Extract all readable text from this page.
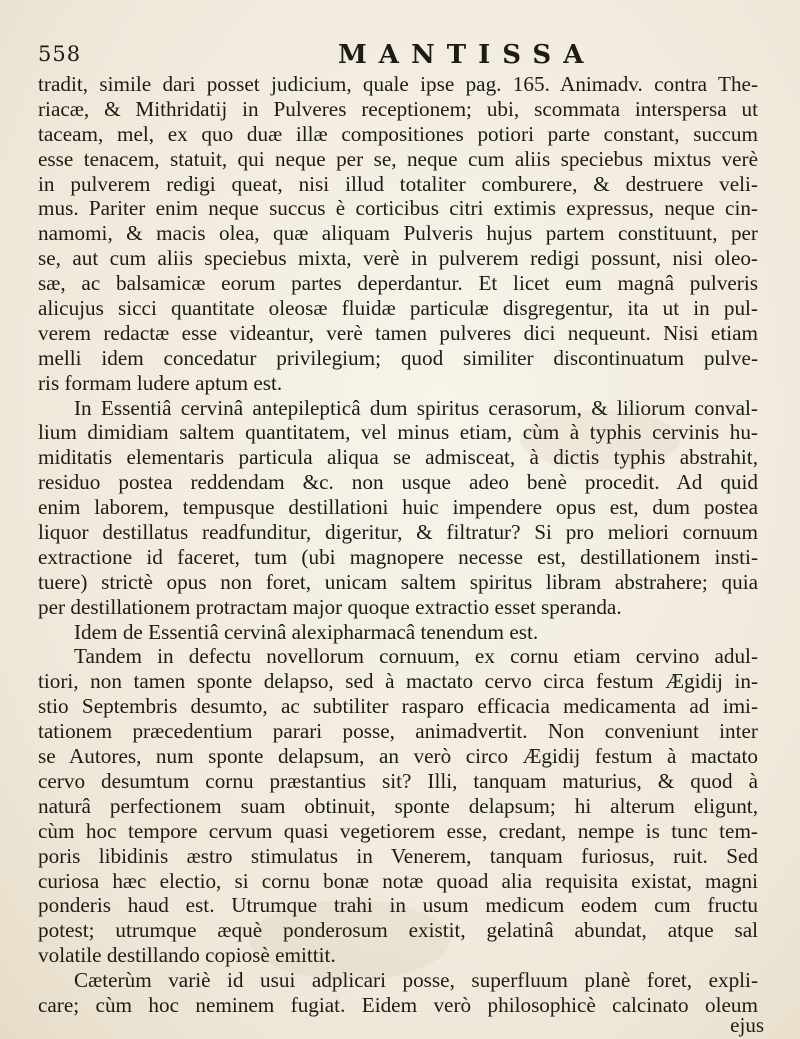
558	MANTISSA
tradit, simile dari posset judicium, quale ipse pag. 165. Animadv. contra The-
riacæ, & Mithridatij in Pulveres receptionem; ubi, scommata interspersa ut
taceam, mel, ex quo duæ illæ compositiones potiori parte constant, succum
esse tenacem, statuit, qui neque per se, neque cum aliis speciebus mixtus verè
in pulverem redigi queat, nisi illud totaliter comburere, & destruere veli-
mus. Pariter enim neque succus è corticibus citri extimis expressus, neque cin-
namomi, & macis olea, quæ aliquam Pulveris hujus partem constituunt, per
se, aut cum aliis speciebus mixta, verè in pulverem redigi possunt, nisi oleo-
sæ, ac balsamicæ eorum partes deperdantur. Et licet eum magnâ pulveris
alicujus sicci quantitate oleosæ fluidæ particulæ disgregentur, ita ut in pul-
verem redactæ esse videantur, verè tamen pulveres dici nequeunt. Nisi etiam
melli idem concedatur privilegium; quod similiter discontinuatum pulve-
ris formam ludere aptum est.
In Essentiâ cervinâ antepilepticâ dum spiritus cerasorum, & liliorum conval-
lium dimidiam saltem quantitatem, vel minus etiam, cùm à typhis cervinis hu-
miditatis elementaris particula aliqua se admisceat, à dictis typhis abstrahit,
residuo postea reddendam &c. non usque adeo benè procedit. Ad quid
enim laborem, tempusque destillationi huic impendere opus est, dum postea
liquor destillatus readfunditur, digeritur, & filtratur? Si pro meliori cornuum
extractione id faceret, tum (ubi magnopere necesse est, destillationem insti-
tuere) strictè opus non foret, unicam saltem spiritus libram abstrahere; quia
per destillationem protractam major quoque extractio esset speranda.
Idem de Essentiâ cervinâ alexipharmacâ tenendum est.
Tandem in defectu novellorum cornuum, ex cornu etiam cervino adul-
tiori, non tamen sponte delapso, sed à mactato cervo circa festum Ægidij in-
stio Septembris desumto, ac subtiliter rasparo efficacia medicamenta ad imi-
tationem præcedentium parari posse, animadvertit. Non conveniunt inter
se Autores, num sponte delapsum, an verò circo Ægidij festum à mactato
cervo desumtum cornu præstantius sit? Illi, tanquam maturius, & quod à
naturâ perfectionem suam obtinuit, sponte delapsum; hi alterum eligunt,
cùm hoc tempore cervum quasi vegetiorem esse, credant, nempe is tunc tem-
poris libidinis æstro stimulatus in Venerem, tanquam furiosus, ruit. Sed
curiosa hæc electio, si cornu bonæ notæ quoad alia requisita existat, magni
ponderis haud est. Utrumque trahi in usum medicum eodem cum fructu
potest; utrumque æquè ponderosum existit, gelatinâ abundat, atque sal
volatile destillando copiosè emittit.
Cæterùm variè id usui adplicari posse, superfluum planè foret, expli-
care; cùm hoc neminem fugiat. Eidem verò philosophicè calcinato oleum
ejus
